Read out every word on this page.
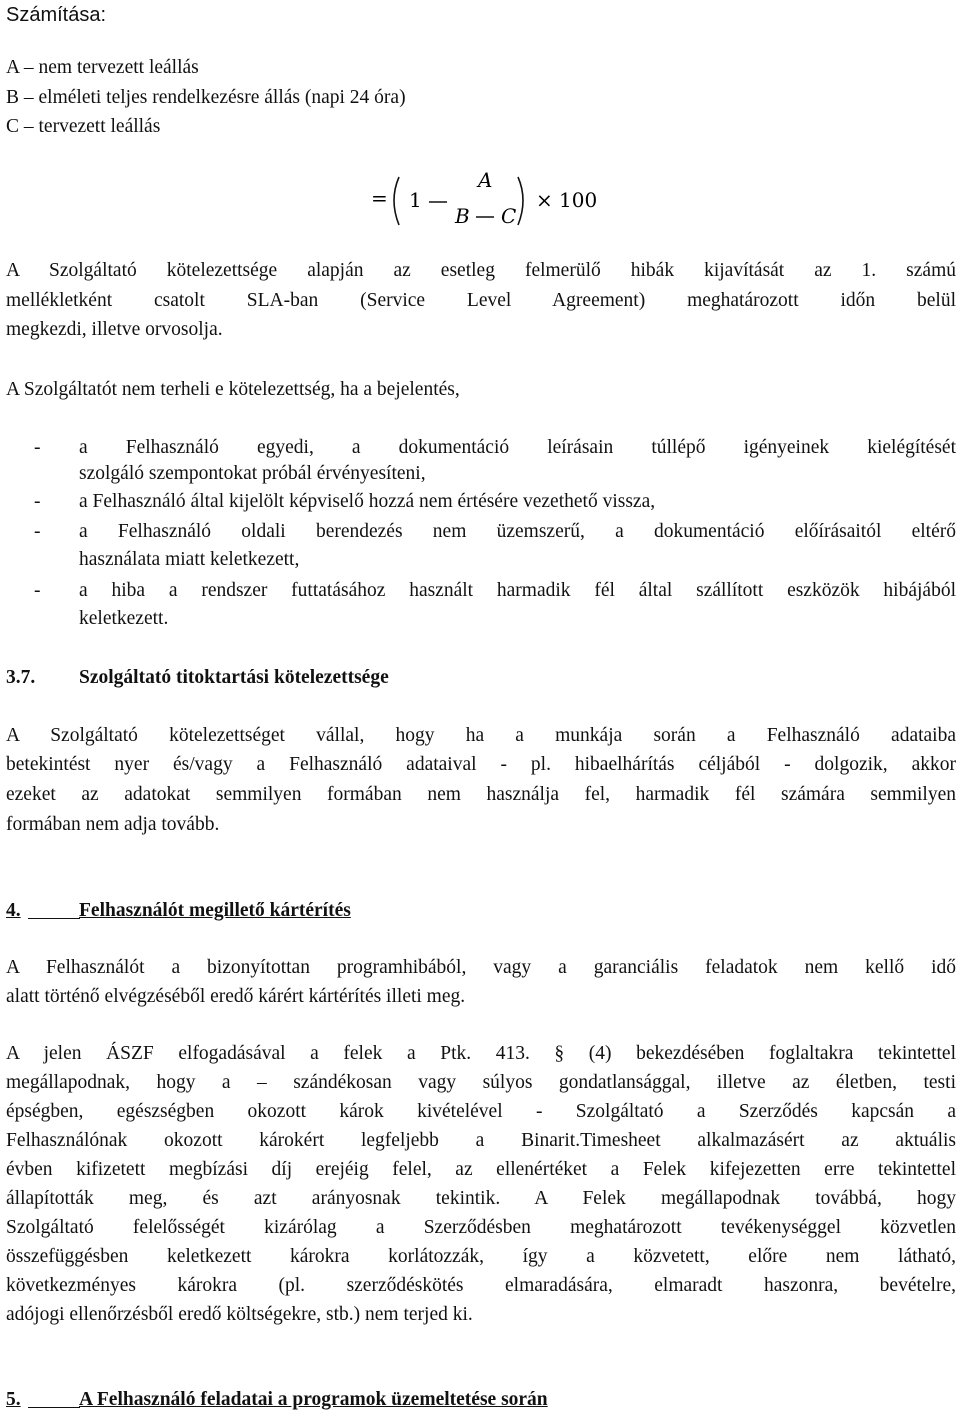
Számítása:
A – nem tervezett leállás
B – elméleti teljes rendelkezésre állás (napi 24 óra)
C – tervezett leállás
= 1
A
B C
× 100
A Szolgáltató kötelezettsége alapján az esetleg felmerülő hibák kijavítását az 1. számú
mellékletként csatolt SLA-ban (Service Level Agreement) meghatározott időn belül
megkezdi, illetve orvosolja.
A Szolgáltatót nem terheli e kötelezettség, ha a bejelentés,
- a Felhasználó egyedi, a dokumentáció leírásain túllépő igényeinek kielégítését
szolgáló szempontokat próbál érvényesíteni,
- a Felhasználó által kijelölt képviselő hozzá nem értésére vezethető vissza,
- a Felhasználó oldali berendezés nem üzemszerű, a dokumentáció előírásaitól eltérő
használata miatt keletkezett,
- a hiba a rendszer futtatásához használt harmadik fél által szállított eszközök hibájából
keletkezett.
3.7. Szolgáltató titoktartási kötelezettsége
A Szolgáltató kötelezettséget vállal, hogy ha a munkája során a Felhasználó adataiba
betekintést nyer és/vagy a Felhasználó adataival - pl. hibaelhárítás céljából - dolgozik, akkor
ezeket az adatokat semmilyen formában nem használja fel, harmadik fél számára semmilyen
formában nem adja tovább.
4.	Felhasználót megillető kártérítés
A Felhasználót a bizonyítottan programhibából, vagy a garanciális feladatok nem kellő idő
alatt történő elvégzéséből eredő kárért kártérítés illeti meg.
A jelen ÁSZF elfogadásával a felek a Ptk. 413. § (4) bekezdésében foglaltakra tekintettel
megállapodnak, hogy a – szándékosan vagy súlyos gondatlansággal, illetve az életben, testi
épségben, egészségben okozott károk kivételével - Szolgáltató a Szerződés kapcsán a
Felhasználónak okozott károkért legfeljebb a Binarit.Timesheet alkalmazásért az aktuális
évben kifizetett megbízási díj erejéig felel, az ellenértéket a Felek kifejezetten erre tekintettel
állapították meg, és azt arányosnak tekintik. A Felek megállapodnak továbbá, hogy
Szolgáltató felelősségét kizárólag a Szerződésben meghatározott tevékenységgel közvetlen
összefüggésben keletkezett károkra korlátozzák, így a közvetett, előre nem látható,
következményes károkra (pl. szerződéskötés elmaradására, elmaradt haszonra, bevételre,
adójogi ellenőrzésből eredő költségekre, stb.) nem terjed ki.
5.	A Felhasználó feladatai a programok üzemeltetése során
